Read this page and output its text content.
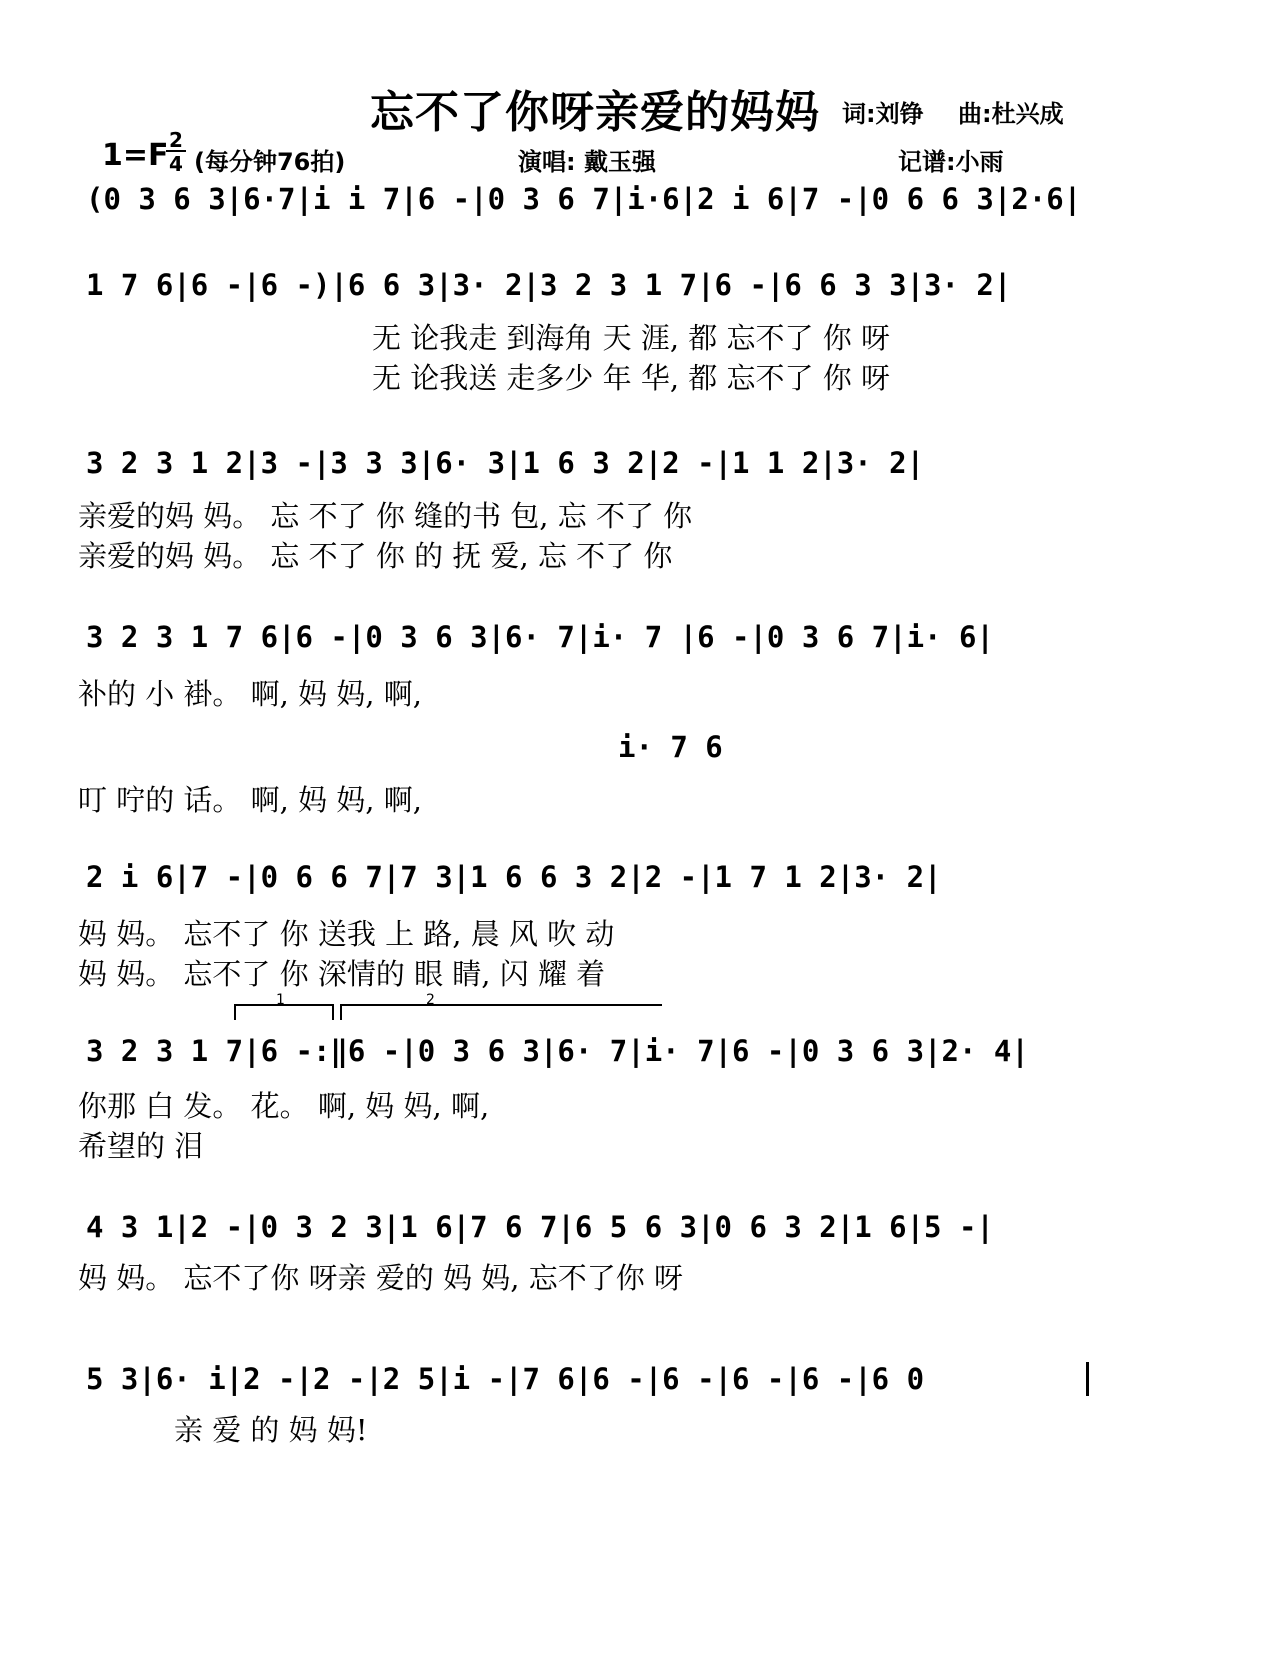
忘不了你呀亲爱的妈妈 词:刘铮 曲:杜兴成
1=F 2
4 (每分钟76拍)	演唱: 戴玉强	记谱:小雨
(0 3 6 3|6·7|i i 7|6 -|0 3 6 7|i·6|2 i 6|7 -|0 6 6 3|2·6|
1 7 6|6 -|6 -)|6 6 3|3· 2|3 2 3 1 7|6 -|6 6 3 3|3· 2|
无 论我走 到海角 天 涯, 都 忘不了 你 呀
无 论我送 走多少 年 华, 都 忘不了 你 呀
3 2 3 1 2|3 -|3 3 3|6· 3|1 6 3 2|2 -|1 1 2|3· 2|
亲爱的妈 妈。 忘 不了 你 缝的书 包, 忘 不了 你
亲爱的妈 妈。 忘 不了 你 的 抚 爱, 忘 不了 你
3 2 3 1 7 6|6 -|0 3 6 3|6· 7|i· 7 |6 -|0 3 6 7|i· 6|
补的 小 褂。 啊, 妈 妈, 啊,
i· 7 6
叮 咛的 话。 啊, 妈 妈, 啊,
2 i 6|7 -|0 6 6 7|7 3|1 6 6 3 2|2 -|1 7 1 2|3· 2|
妈 妈。 忘不了 你 送我 上 路, 晨 风 吹 动
妈 妈。 忘不了 你 深情的 眼 睛, 闪 耀 着
1	2
3 2 3 1 7|6 -:‖6 -|0 3 6 3|6· 7|i· 7|6 -|0 3 6 3|2· 4|
你那 白 发。 花。 啊, 妈 妈, 啊,
希望的 泪
4 3 1|2 -|0 3 2 3|1 6|7 6 7|6 5 6 3|0 6 3 2|1 6|5 -|
妈 妈。 忘不了你 呀亲 爱的 妈 妈, 忘不了你 呀
5 3|6· i|2 -|2 -|2 5|i -|7 6|6 -|6 -|6 -|6 -|6 0
亲 爱 的 妈 妈!
